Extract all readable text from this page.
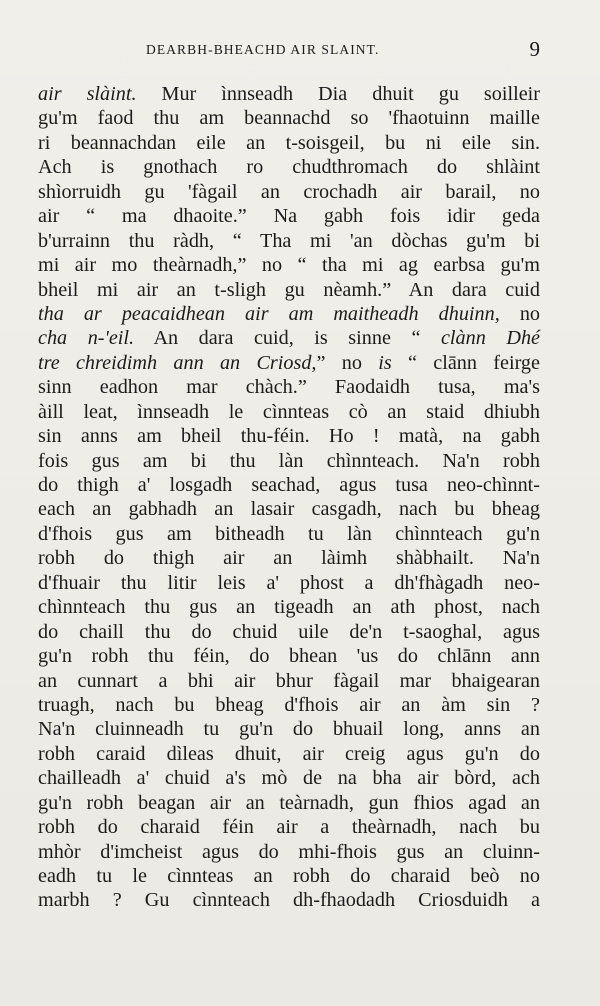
DEARBH-BHEACHD AIR SLAINT.	9
air slàint. Mur ìnnseadh Dia dhuit gu soilleir
gu'm faod thu am beannachd so 'fhaotuinn maille
ri beannachdan eile an t-soisgeil, bu ni eile sin.
Ach is gnothach ro chudthromach do shlàint
shìorruidh gu 'fàgail an crochadh air barail, no
air “ ma dhaoite.” Na gabh fois idir geda
b'urrainn thu ràdh, “ Tha mi 'an dòchas gu'm bi
mi air mo theàrnadh,” no “ tha mi ag earbsa gu'm
bheil mi air an t-sligh gu nèamh.” An dara cuid
tha ar peacaidhean air am maitheadh dhuinn, no
cha n-'eil. An dara cuid, is sinne “ clànn Dhé
tre chreidimh ann an Criosd,” no is “ clānn feirge
sinn eadhon mar chàch.” Faodaidh tusa, ma's
àill leat, ìnnseadh le cìnnteas cò an staid dhiubh
sin anns am bheil thu-féin. Ho ! matà, na gabh
fois gus am bi thu làn chìnnteach. Na'n robh
do thigh a' losgadh seachad, agus tusa neo-chìnnt-
each an gabhadh an lasair casgadh, nach bu bheag
d'fhois gus am bitheadh tu làn chìnnteach gu'n
robh do thigh air an làimh shàbhailt. Na'n
d'fhuair thu litir leis a' phost a dh'fhàgadh neo-
chìnnteach thu gus an tigeadh an ath phost, nach
do chaill thu do chuid uile de'n t-saoghal, agus
gu'n robh thu féin, do bhean 'us do chlānn ann
an cunnart a bhi air bhur fàgail mar bhaigearan
truagh, nach bu bheag d'fhois air an àm sin ?
Na'n cluinneadh tu gu'n do bhuail long, anns an
robh caraid dìleas dhuit, air creig agus gu'n do
chailleadh a' chuid a's mò de na bha air bòrd, ach
gu'n robh beagan air an teàrnadh, gun fhios agad an
robh do charaid féin air a theàrnadh, nach bu
mhòr d'imcheist agus do mhi-fhois gus an cluinn-
eadh tu le cìnnteas an robh do charaid beò no
marbh ? Gu cìnnteach dh-fhaodadh Criosduidh a
